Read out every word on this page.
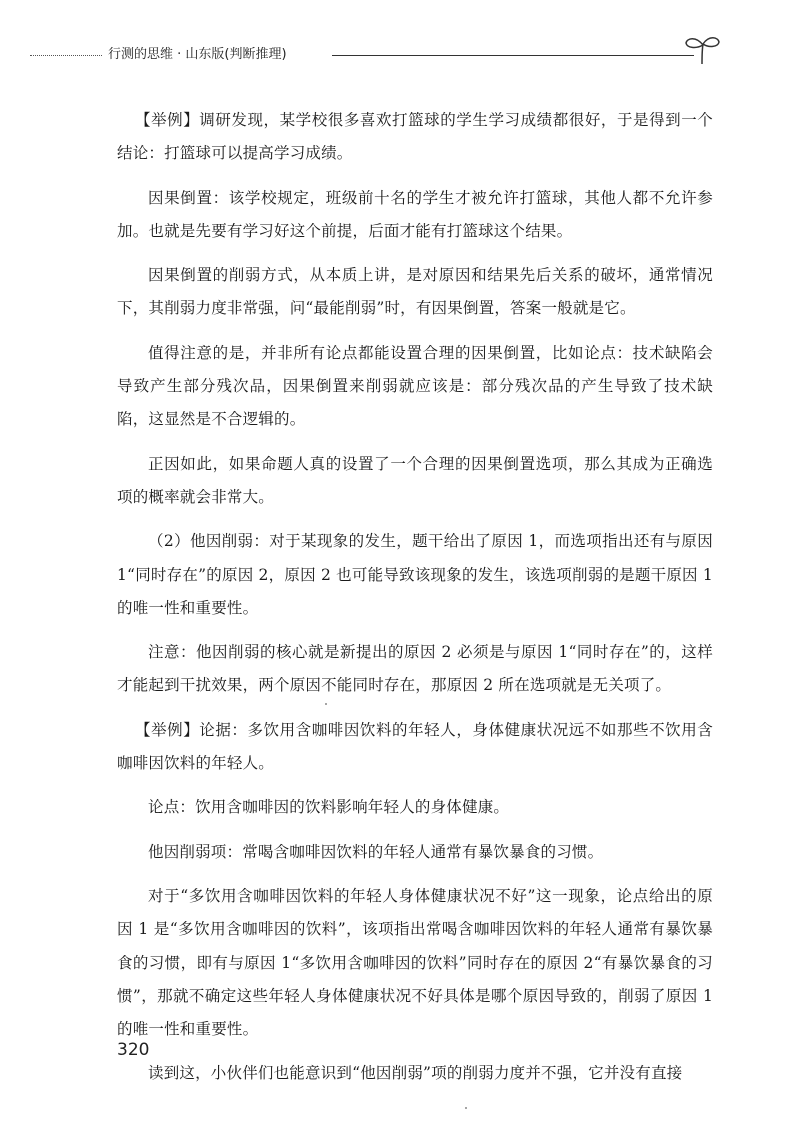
行测的思维 · 山东版(判断推理)

【举例】调研发现，某学校很多喜欢打篮球的学生学习成绩都很好，于是得到一个结论：打篮球可以提高学习成绩。

因果倒置：该学校规定，班级前十名的学生才被允许打篮球，其他人都不允许参加。也就是先要有学习好这个前提，后面才能有打篮球这个结果。

因果倒置的削弱方式，从本质上讲，是对原因和结果先后关系的破坏，通常情况下，其削弱力度非常强，问“最能削弱”时，有因果倒置，答案一般就是它。

值得注意的是，并非所有论点都能设置合理的因果倒置，比如论点：技术缺陷会导致产生部分残次品，因果倒置来削弱就应该是：部分残次品的产生导致了技术缺陷，这显然是不合逻辑的。

正因如此，如果命题人真的设置了一个合理的因果倒置选项，那么其成为正确选项的概率就会非常大。

（2）他因削弱：对于某现象的发生，题干给出了原因 1，而选项指出还有与原因 1“同时存在”的原因 2，原因 2 也可能导致该现象的发生，该选项削弱的是题干原因 1 的唯一性和重要性。

注意：他因削弱的核心就是新提出的原因 2 必须是与原因 1“同时存在”的，这样才能起到干扰效果，两个原因不能同时存在，那原因 2 所在选项就是无关项了。

【举例】论据：多饮用含咖啡因饮料的年轻人，身体健康状况远不如那些不饮用含咖啡因饮料的年轻人。

论点：饮用含咖啡因的饮料影响年轻人的身体健康。

他因削弱项：常喝含咖啡因饮料的年轻人通常有暴饮暴食的习惯。

对于“多饮用含咖啡因饮料的年轻人身体健康状况不好”这一现象，论点给出的原因 1 是“多饮用含咖啡因的饮料”，该项指出常喝含咖啡因饮料的年轻人通常有暴饮暴食的习惯，即有与原因 1“多饮用含咖啡因的饮料”同时存在的原因 2“有暴饮暴食的习惯”，那就不确定这些年轻人身体健康状况不好具体是哪个原因导致的，削弱了原因 1 的唯一性和重要性。

读到这，小伙伴们也能意识到“他因削弱”项的削弱力度并不强，它并没有直接

320
